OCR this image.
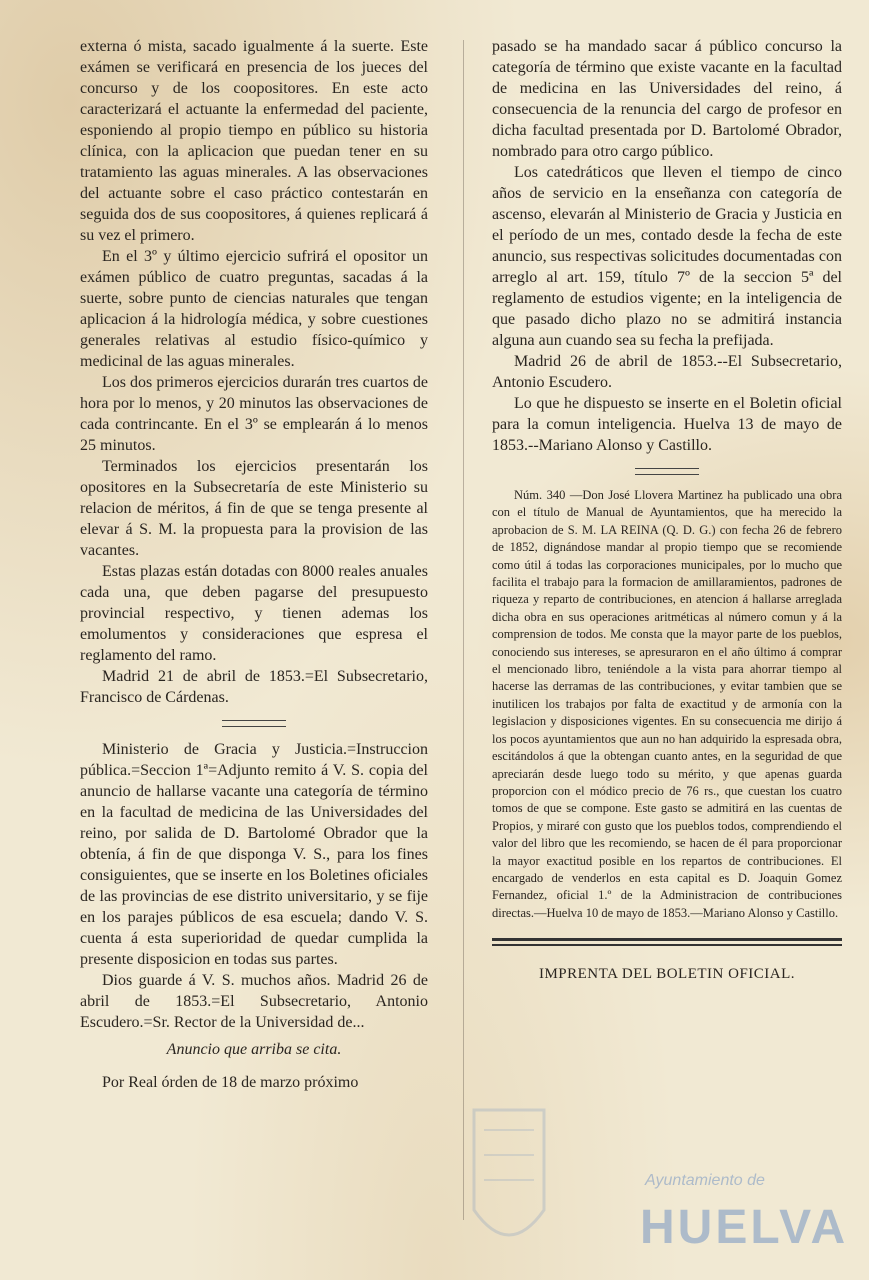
externa ó mista, sacado igualmente á la suerte. Este exámen se verificará en presencia de los jueces del concurso y de los coopositores. En este acto caracterizará el actuante la enfermedad del paciente, esponiendo al propio tiempo en público su historia clínica, con la aplicacion que puedan tener en su tratamiento las aguas minerales. A las observaciones del actuante sobre el caso práctico contestarán en seguida dos de sus coopositores, á quienes replicará á su vez el primero.

En el 3º y último ejercicio sufrirá el opositor un exámen público de cuatro preguntas, sacadas á la suerte, sobre punto de ciencias naturales que tengan aplicacion á la hidrología médica, y sobre cuestiones generales relativas al estudio físico-químico y medicinal de las aguas minerales.

Los dos primeros ejercicios durarán tres cuartos de hora por lo menos, y 20 minutos las observaciones de cada contrincante. En el 3º se emplearán á lo menos 25 minutos.

Terminados los ejercicios presentarán los opositores en la Subsecretaría de este Ministerio su relacion de méritos, á fin de que se tenga presente al elevar á S. M. la propuesta para la provision de las vacantes.

Estas plazas están dotadas con 8000 reales anuales cada una, que deben pagarse del presupuesto provincial respectivo, y tienen ademas los emolumentos y consideraciones que espresa el reglamento del ramo.

Madrid 21 de abril de 1853.=El Subsecretario, Francisco de Cárdenas.

Ministerio de Gracia y Justicia.=Instruccion pública.=Seccion 1ª=Adjunto remito á V. S. copia del anuncio de hallarse vacante una categoría de término en la facultad de medicina de las Universidades del reino, por salida de D. Bartolomé Obrador que la obtenía, á fin de que disponga V. S., para los fines consiguientes, que se inserte en los Boletines oficiales de las provincias de ese distrito universitario, y se fije en los parajes públicos de esa escuela; dando V. S. cuenta á esta superioridad de quedar cumplida la presente disposicion en todas sus partes.

Dios guarde á V. S. muchos años. Madrid 26 de abril de 1853.=El Subsecretario, Antonio Escudero.=Sr. Rector de la Universidad de...

Anuncio que arriba se cita.

Por Real órden de 18 de marzo próximo

pasado se ha mandado sacar á público concurso la categoría de término que existe vacante en la facultad de medicina en las Universidades del reino, á consecuencia de la renuncia del cargo de profesor en dicha facultad presentada por D. Bartolomé Obrador, nombrado para otro cargo público.

Los catedráticos que lleven el tiempo de cinco años de servicio en la enseñanza con categoría de ascenso, elevarán al Ministerio de Gracia y Justicia en el período de un mes, contado desde la fecha de este anuncio, sus respectivas solicitudes documentadas con arreglo al art. 159, título 7º de la seccion 5ª del reglamento de estudios vigente; en la inteligencia de que pasado dicho plazo no se admitirá instancia alguna aun cuando sea su fecha la prefijada.

Madrid 26 de abril de 1853.--El Subsecretario, Antonio Escudero.

Lo que he dispuesto se inserte en el Boletin oficial para la comun inteligencia. Huelva 13 de mayo de 1853.--Mariano Alonso y Castillo.

Núm. 340 —Don José Llovera Martinez ha publicado una obra con el título de Manual de Ayuntamientos, que ha merecido la aprobacion de S. M. LA REINA (Q. D. G.) con fecha 26 de febrero de 1852, dignándose mandar al propio tiempo que se recomiende como útil á todas las corporaciones municipales, por lo mucho que facilita el trabajo para la formacion de amillaramientos, padrones de riqueza y reparto de contribuciones, en atencion á hallarse arreglada dicha obra en sus operaciones aritméticas al número comun y á la comprension de todos. Me consta que la mayor parte de los pueblos, conociendo sus intereses, se apresuraron en el año último á comprar el mencionado libro, teniéndole a la vista para ahorrar tiempo al hacerse las derramas de las contribuciones, y evitar tambien que se inutilicen los trabajos por falta de exactitud y de armonía con la legislacion y disposiciones vigentes. En su consecuencia me dirijo á los pocos ayuntamientos que aun no han adquirido la espresada obra, escitándolos á que la obtengan cuanto antes, en la seguridad de que apreciarán desde luego todo su mérito, y que apenas guarda proporcion con el módico precio de 76 rs., que cuestan los cuatro tomos de que se compone. Este gasto se admitirá en las cuentas de Propios, y miraré con gusto que los pueblos todos, comprendiendo el valor del libro que les recomiendo, se hacen de él para proporcionar la mayor exactitud posible en los repartos de contribuciones. El encargado de venderlos en esta capital es D. Joaquin Gomez Fernandez, oficial 1.º de la Administracion de contribuciones directas.—Huelva 10 de mayo de 1853.—Mariano Alonso y Castillo.

IMPRENTA DEL BOLETIN OFICIAL.

Ayuntamiento de
HUELVA
